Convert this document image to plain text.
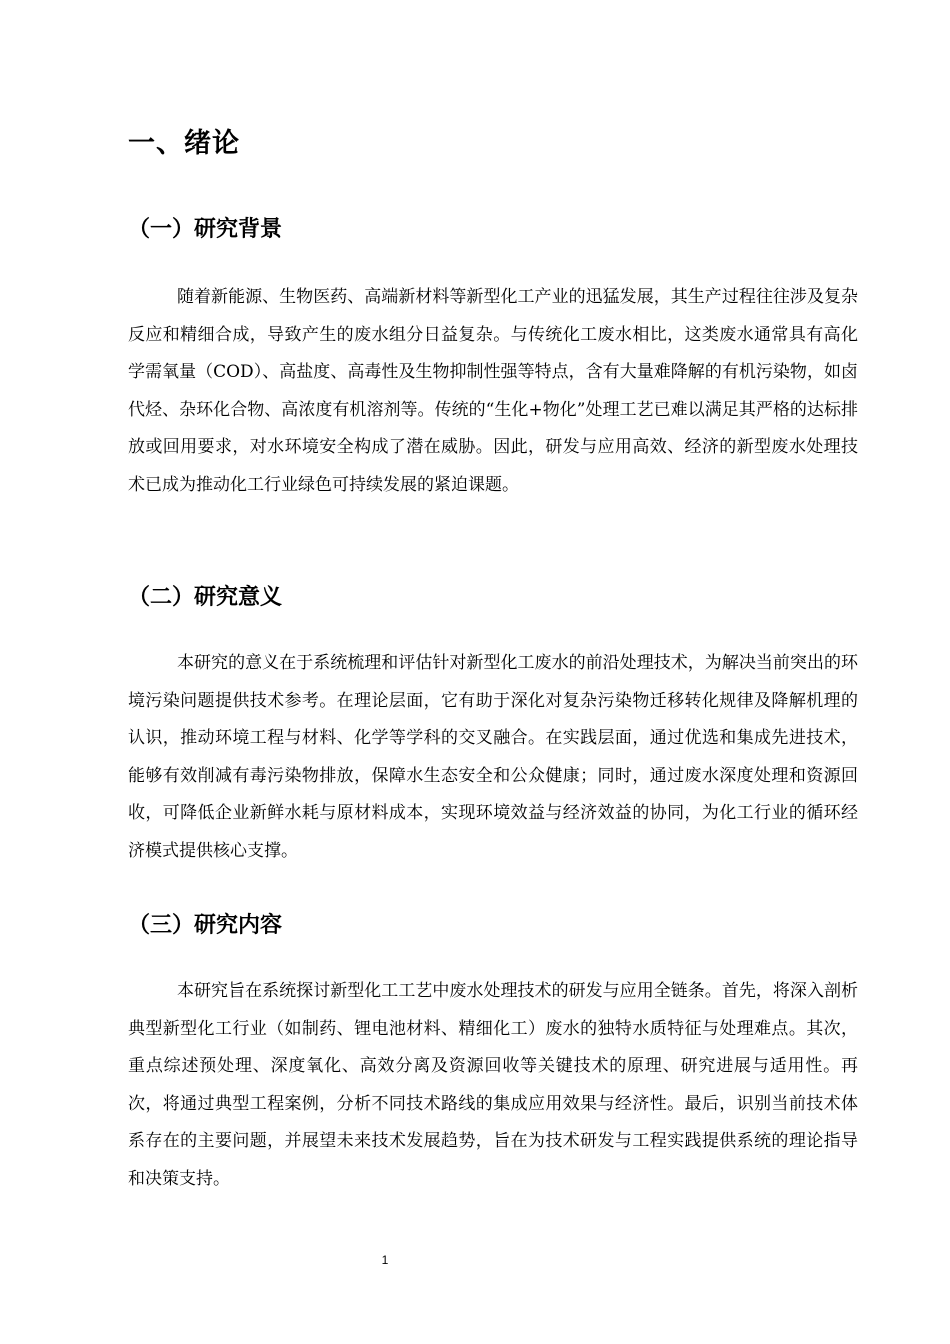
一、绪论
（一）研究背景

随着新能源、生物医药、高端新材料等新型化工产业的迅猛发展，其生产过程往往涉及复杂反应和精细合成，导致产生的废水组分日益复杂。与传统化工废水相比，这类废水通常具有高化学需氧量（COD）、高盐度、高毒性及生物抑制性强等特点，含有大量难降解的有机污染物，如卤代烃、杂环化合物、高浓度有机溶剂等。传统的“生化+物化”处理工艺已难以满足其严格的达标排放或回用要求，对水环境安全构成了潜在威胁。因此，研发与应用高效、经济的新型废水处理技术已成为推动化工行业绿色可持续发展的紧迫课题。

（二）研究意义

本研究的意义在于系统梳理和评估针对新型化工废水的前沿处理技术，为解决当前突出的环境污染问题提供技术参考。在理论层面，它有助于深化对复杂污染物迁移转化规律及降解机理的认识，推动环境工程与材料、化学等学科的交叉融合。在实践层面，通过优选和集成先进技术，能够有效削减有毒污染物排放，保障水生态安全和公众健康；同时，通过废水深度处理和资源回收，可降低企业新鲜水耗与原材料成本，实现环境效益与经济效益的协同，为化工行业的循环经济模式提供核心支撑。

（三）研究内容

本研究旨在系统探讨新型化工工艺中废水处理技术的研发与应用全链条。首先，将深入剖析典型新型化工行业（如制药、锂电池材料、精细化工）废水的独特水质特征与处理难点。其次，重点综述预处理、深度氧化、高效分离及资源回收等关键技术的原理、研究进展与适用性。再次，将通过典型工程案例，分析不同技术路线的集成应用效果与经济性。最后，识别当前技术体系存在的主要问题，并展望未来技术发展趋势，旨在为技术研发与工程实践提供系统的理论指导和决策支持。

1
